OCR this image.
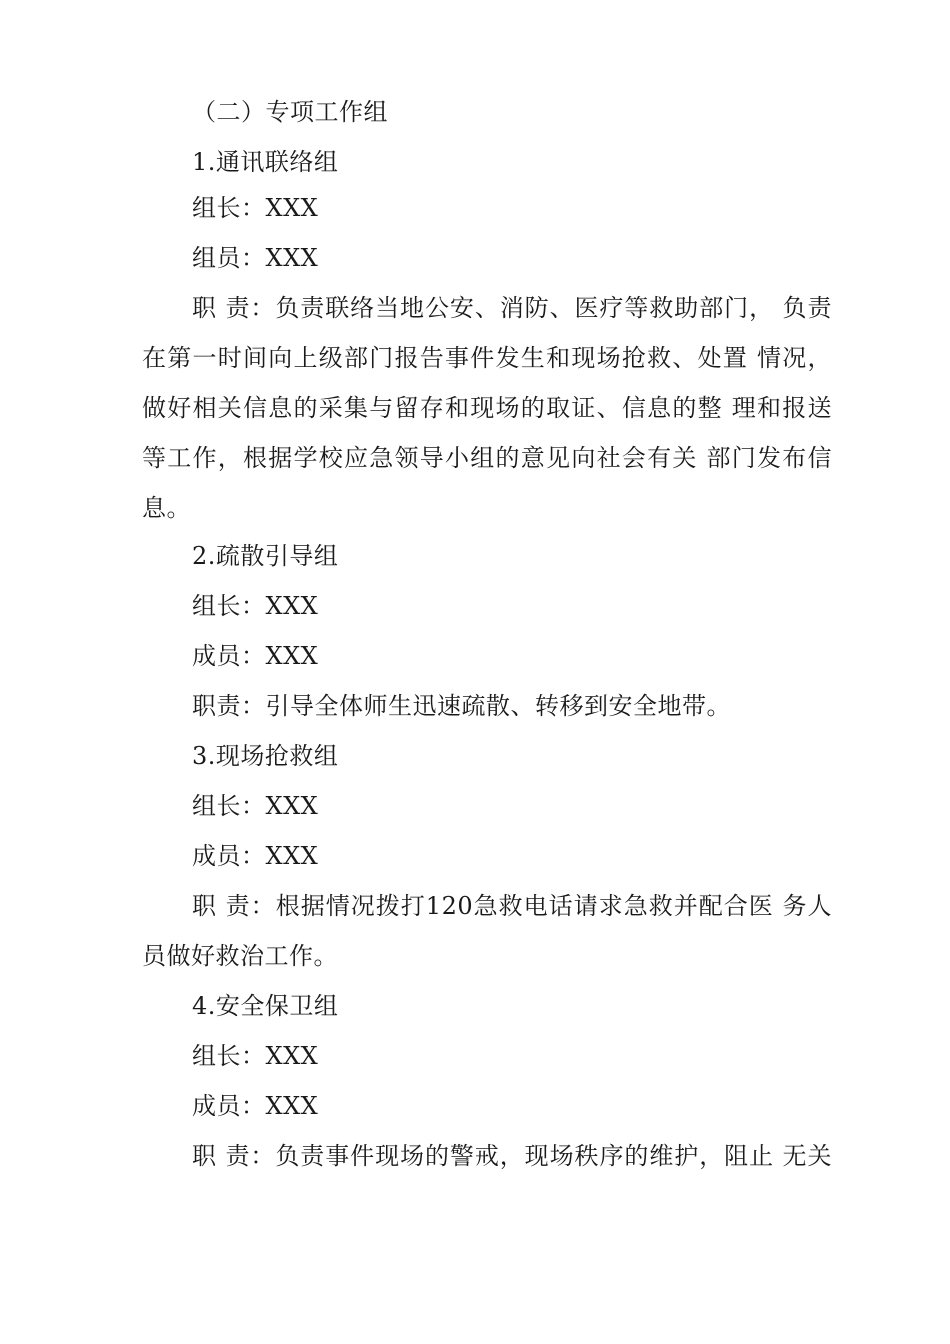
（二）专项工作组
1.通讯联络组
组长：XXX
组员：XXX
职 责：负责联络当地公安、消防、医疗等救助部门， 负责
在第一时间向上级部门报告事件发生和现场抢救、处置 情况，
做好相关信息的采集与留存和现场的取证、信息的整 理和报送
等工作，根据学校应急领导小组的意见向社会有关 部门发布信
息。
2.疏散引导组
组长：XXX
成员：XXX
职责：引导全体师生迅速疏散、转移到安全地带。
3.现场抢救组
组长：XXX
成员：XXX
职 责：根据情况拨打120急救电话请求急救并配合医 务人
员做好救治工作。
4.安全保卫组
组长：XXX
成员：XXX
职 责：负责事件现场的警戒，现场秩序的维护，阻止 无关
